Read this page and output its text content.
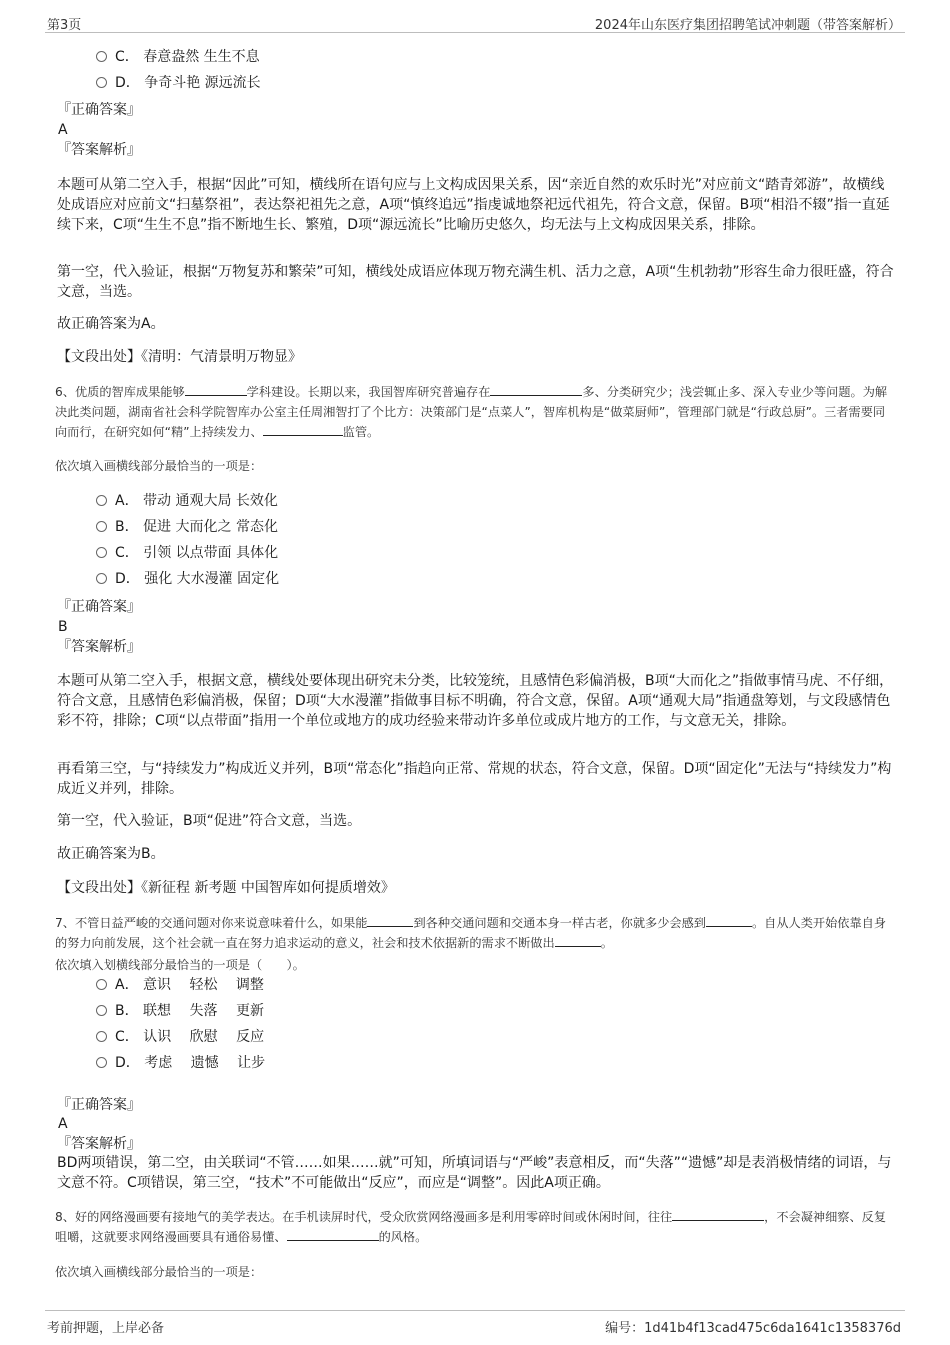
第3页	2024年山东医疗集团招聘笔试冲刺题（带答案解析）
C． 春意盎然 生生不息
D． 争奇斗艳 源远流长
『正确答案』
A
『答案解析』
本题可从第二空入手，根据“因此”可知，横线所在语句应与上文构成因果关系，因“亲近自然的欢乐时光”对应前文“踏青郊游”，故横线处成语应对应前文“扫墓祭祖”，表达祭祀祖先之意，A项“慎终追远”指虔诚地祭祀远代祖先，符合文意，保留。B项“相沿不辍”指一直延续下来，C项“生生不息”指不断地生长、繁殖，D项“源远流长”比喻历史悠久，均无法与上文构成因果关系，排除。
第一空，代入验证，根据“万物复苏和繁荣”可知，横线处成语应体现万物充满生机、活力之意，A项“生机勃勃”形容生命力很旺盛，符合文意，当选。
故正确答案为A。
【文段出处】《清明：气清景明万物显》
6、优质的智库成果能够	学科建设。长期以来，我国智库研究普遍存在	多、分类研究少；浅尝辄止多、深入专业少等问题。为解决此类问题，湖南省社会科学院智库办公室主任周湘智打了个比方：决策部门是“点菜人”，智库机构是“做菜厨师”，管理部门就是“行政总厨”。三者需要同向而行，在研究如何“精”上持续发力、	监管。
依次填入画横线部分最恰当的一项是：
A． 带动 通观大局 长效化
B． 促进 大而化之 常态化
C． 引领 以点带面 具体化
D． 强化 大水漫灌 固定化
『正确答案』
B
『答案解析』
本题可从第二空入手，根据文意，横线处要体现出研究未分类，比较笼统，且感情色彩偏消极，B项“大而化之”指做事情马虎、不仔细，符合文意，且感情色彩偏消极，保留；D项“大水漫灌”指做事目标不明确，符合文意，保留。A项“通观大局”指通盘筹划，与文段感情色彩不符，排除；C项“以点带面”指用一个单位或地方的成功经验来带动许多单位或成片地方的工作，与文意无关，排除。
再看第三空，与“持续发力”构成近义并列，B项“常态化”指趋向正常、常规的状态，符合文意，保留。D项“固定化”无法与“持续发力”构成近义并列，排除。
第一空，代入验证，B项“促进”符合文意，当选。
故正确答案为B。
【文段出处】《新征程 新考题 中国智库如何提质增效》
7、不管日益严峻的交通问题对你来说意味着什么，如果能	到各种交通问题和交通本身一样古老，你就多少会感到	。自从人类开始依靠自身的努力向前发展，这个社会就一直在努力追求运动的意义，社会和技术依据新的需求不断做出	。
依次填入划横线部分最恰当的一项是（　　）。
A． 意识　 轻松　 调整
B． 联想　 失落　 更新
C． 认识　 欣慰　 反应
D． 考虑　 遗憾　 让步
『正确答案』
A
『答案解析』
BD两项错误，第二空，由关联词“不管……如果……就”可知，所填词语与“严峻”表意相反，而“失落”“遗憾”却是表消极情绪的词语，与文意不符。C项错误，第三空，“技术”不可能做出“反应”，而应是“调整”。因此A项正确。
8、好的网络漫画要有接地气的美学表达。在手机读屏时代，受众欣赏网络漫画多是利用零碎时间或休闲时间，往往	，不会凝神细察、反复咀嚼，这就要求网络漫画要具有通俗易懂、	的风格。
依次填入画横线部分最恰当的一项是：
考前押题，上岸必备	编号：1d41b4f13cad475c6da1641c1358376d
